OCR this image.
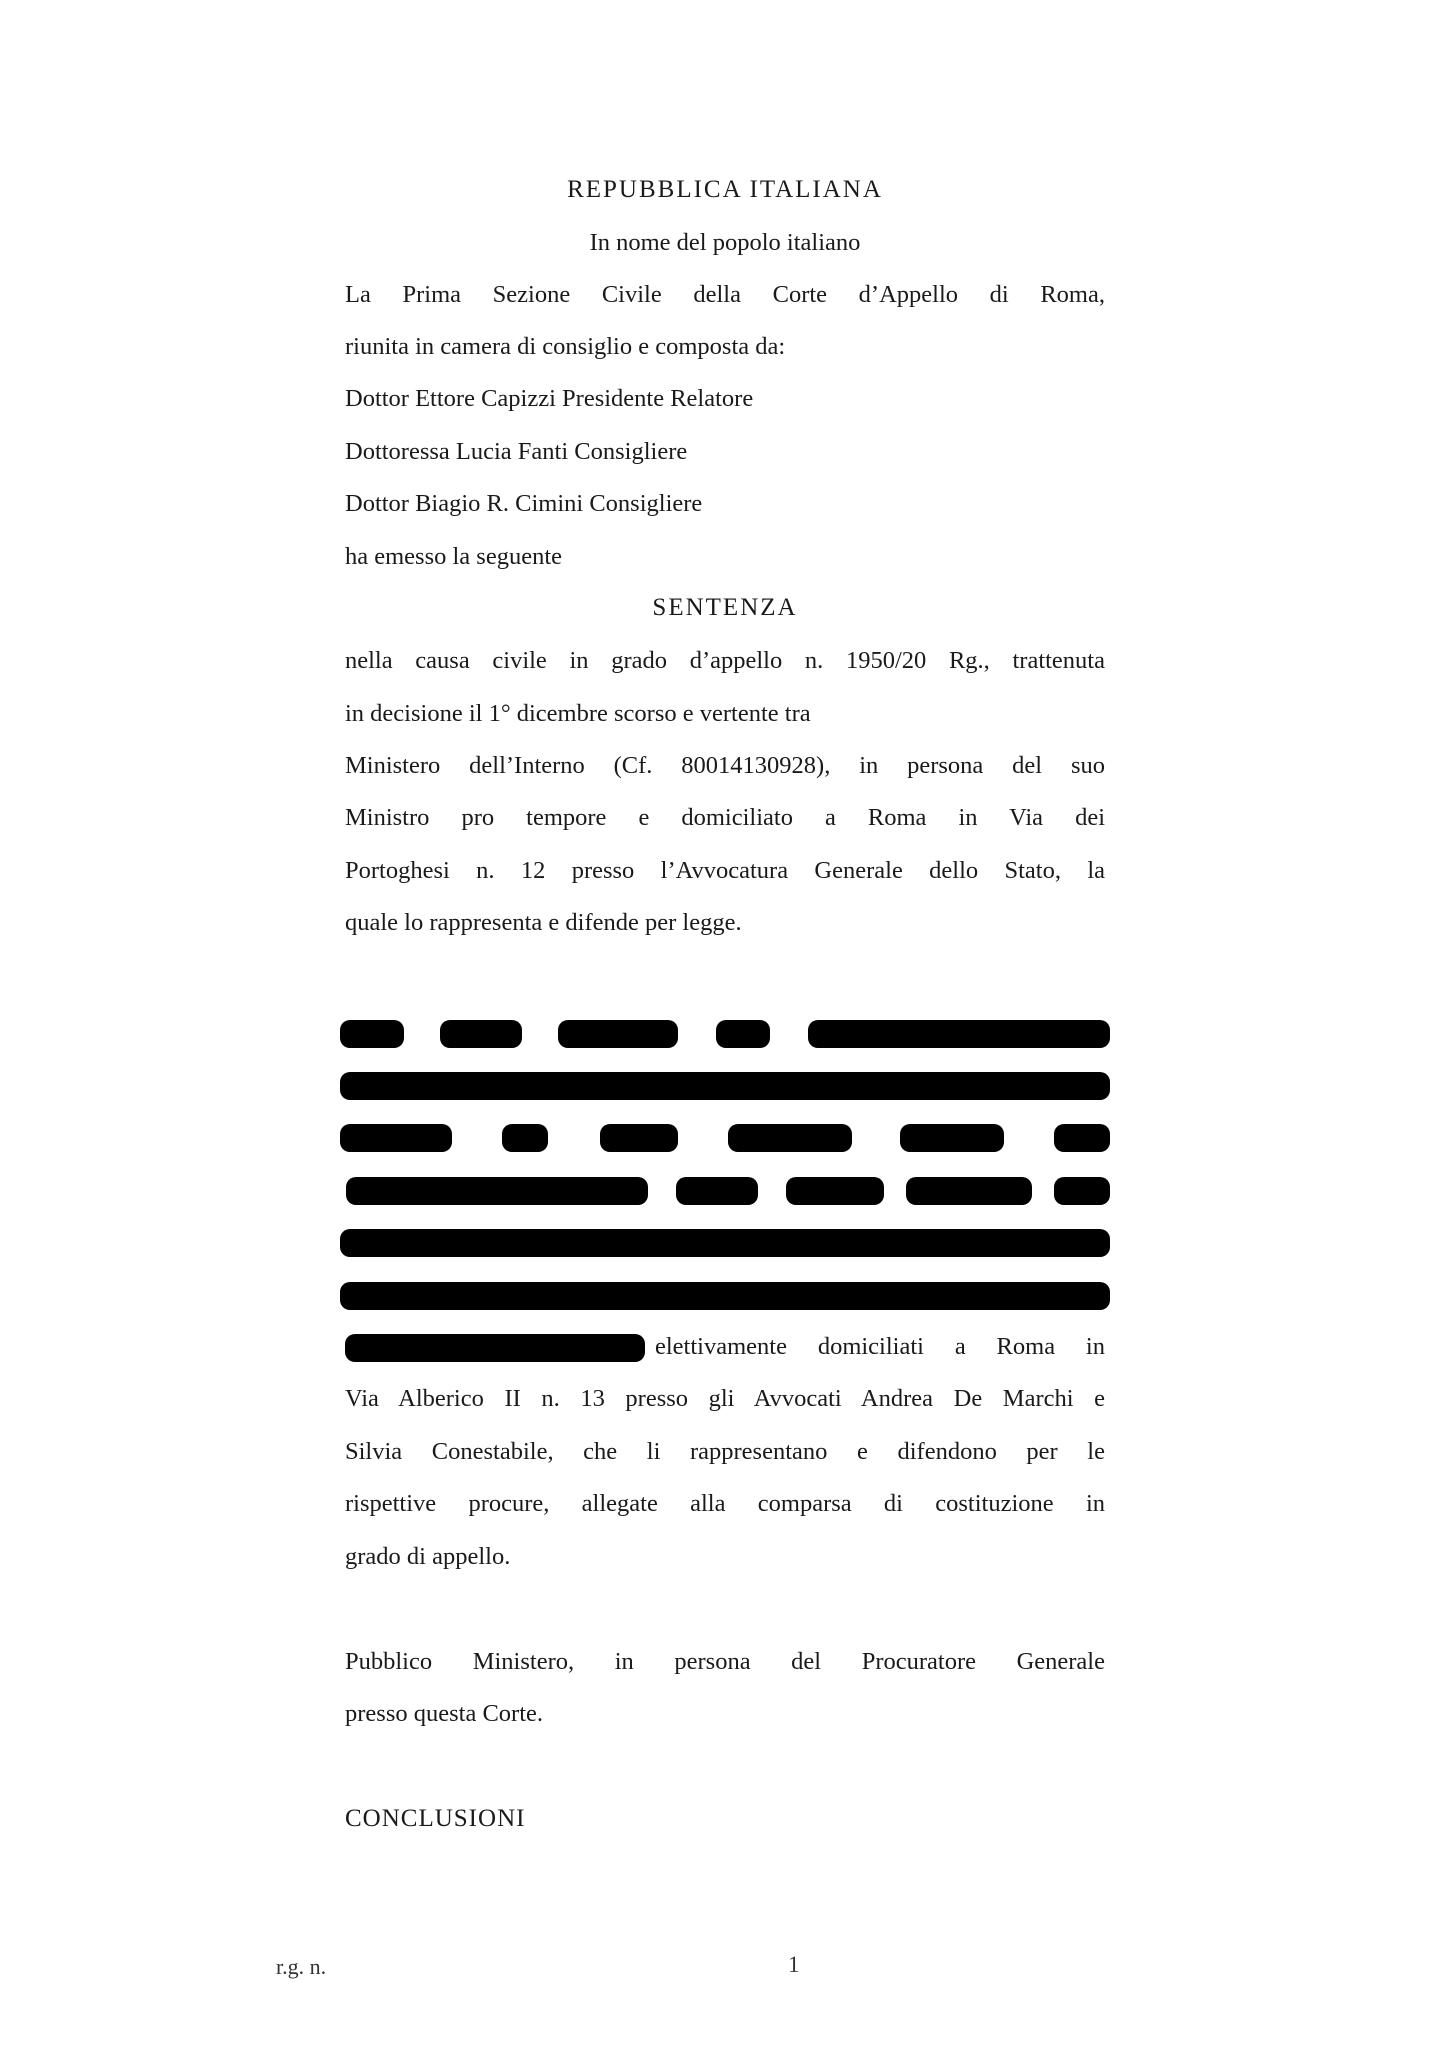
REPUBBLICA ITALIANA
In nome del popolo italiano
La Prima Sezione Civile della Corte d’Appello di Roma,
riunita in camera di consiglio e composta da:
Dottor Ettore Capizzi Presidente Relatore
Dottoressa Lucia Fanti Consigliere
Dottor Biagio R. Cimini Consigliere
ha emesso la seguente
SENTENZA
nella causa civile in grado d’appello n. 1950/20 Rg., trattenuta
in decisione il 1° dicembre scorso e vertente tra
Ministero dell’Interno (Cf. 80014130928), in persona del suo
Ministro pro tempore e domiciliato a Roma in Via dei
Portoghesi n. 12 presso l’Avvocatura Generale dello Stato, la
quale lo rappresenta e difende per legge.
elettivamente domiciliati a Roma in
Via Alberico II n. 13 presso gli Avvocati Andrea De Marchi e
Silvia Conestabile, che li rappresentano e difendono per le
rispettive procure, allegate alla comparsa di costituzione in
grado di appello.
Pubblico Ministero, in persona del Procuratore Generale
presso questa Corte.
CONCLUSIONI
r.g. n.	1
